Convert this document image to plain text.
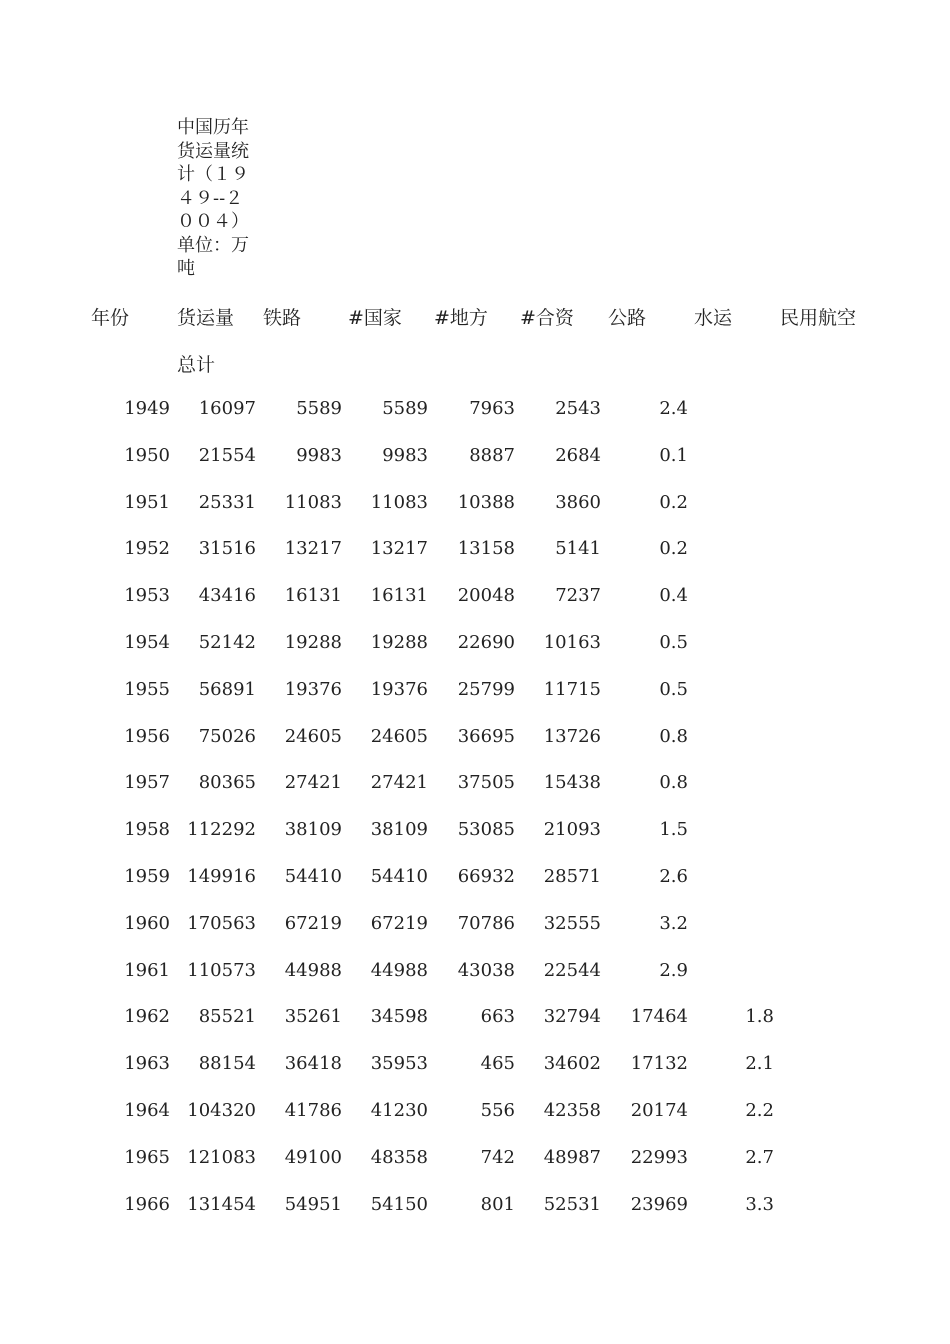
中国历年
货运量统
计（１９
４９--２
００４）
单位：万
吨
年份	货运量 铁路 #国家 #地方 #合资 公路	水运	民用航空
总计
1949	16097	5589	5589	7963	2543	2.4
1950	21554	9983	9983	8887	2684	0.1
1951	25331	11083	11083	10388	3860	0.2
1952	31516	13217	13217	13158	5141	0.2
1953	43416	16131	16131	20048	7237	0.4
1954	52142	19288	19288	22690	10163	0.5
1955	56891	19376	19376	25799	11715	0.5
1956	75026	24605	24605	36695	13726	0.8
1957	80365	27421	27421	37505	15438	0.8
1958 112292	38109	38109	53085	21093	1.5
1959 149916	54410	54410	66932	28571	2.6
1960 170563	67219	67219	70786	32555	3.2
1961 110573	44988	44988	43038	22544	2.9
1962	85521	35261	34598	663	32794	17464	1.8
1963	88154	36418	35953	465	34602	17132	2.1
1964 104320	41786	41230	556	42358	20174	2.2
1965 121083	49100	48358	742	48987	22993	2.7
1966 131454	54951	54150	801	52531	23969	3.3
